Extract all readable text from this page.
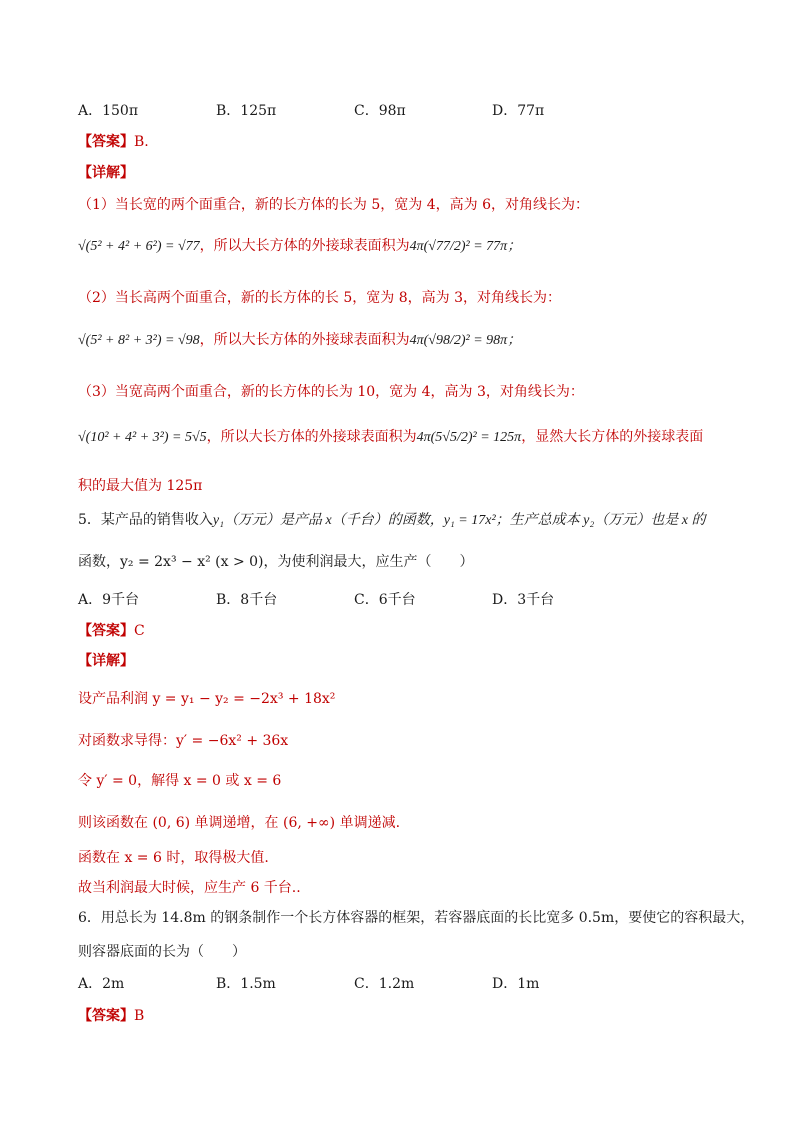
A．150π	B．125π	C．98π	D．77π
【答案】B.
【详解】
（1）当长宽的两个面重合，新的长方体的长为 5，宽为 4，高为 6，对角线长为：
√(5² + 4² + 6²) = √77，所以大长方体的外接球表面积为4π(√77/2)² = 77π；
（2）当长高两个面重合，新的长方体的长 5，宽为 8，高为 3，对角线长为：
√(5² + 8² + 3²) = √98，所以大长方体的外接球表面积为4π(√98/2)² = 98π；
（3）当宽高两个面重合，新的长方体的长为 10，宽为 4，高为 3，对角线长为：
√(10² + 4² + 3²) = 5√5，所以大长方体的外接球表面积为4π(5√5/2)² = 125π，显然大长方体的外接球表面
积的最大值为 125π
5．某产品的销售收入y₁（万元）是产品 x（千台）的函数，y₁ = 17x²；生产总成本 y₂（万元）也是 x 的
函数，y₂ = 2x³ − x² (x > 0)，为使利润最大，应生产（　　）
A．9千台	B．8千台	C．6千台	D．3千台
【答案】C
【详解】
设产品利润 y = y₁ − y₂ = −2x³ + 18x²
对函数求导得：y′ = −6x² + 36x
令 y′ = 0，解得 x = 0 或 x = 6
则该函数在 (0, 6) 单调递增，在 (6, +∞) 单调递减.
函数在 x = 6 时，取得极大值.
故当利润最大时候，应生产 6 千台..
6．用总长为 14.8m 的钢条制作一个长方体容器的框架，若容器底面的长比宽多 0.5m，要使它的容积最大，
则容器底面的长为（　　）
A．2m	B．1.5m	C．1.2m	D．1m
【答案】B
